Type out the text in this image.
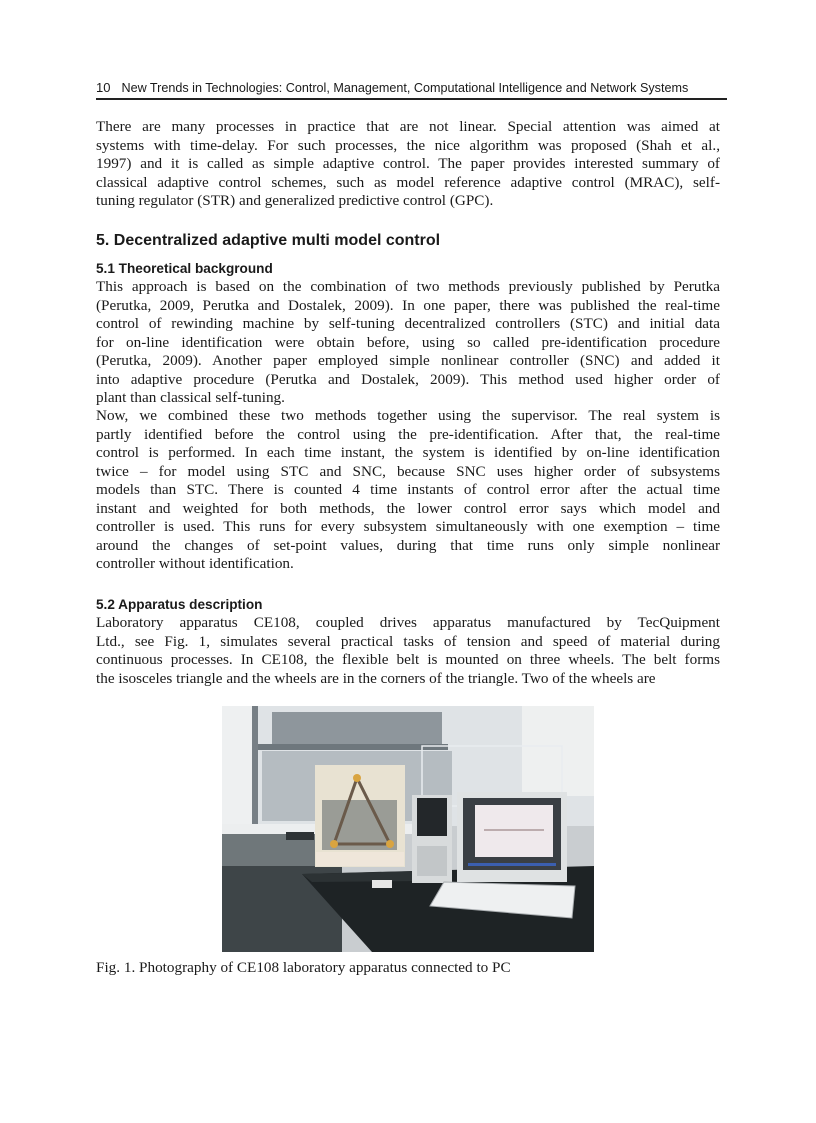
10 New Trends in Technologies: Control, Management, Computational Intelligence and Network Systems
There are many processes in practice that are not linear. Special attention was aimed at
systems with time-delay. For such processes, the nice algorithm was proposed (Shah et al.,
1997) and it is called as simple adaptive control. The paper provides interested summary of
classical adaptive control schemes, such as model reference adaptive control (MRAC), self-
tuning regulator (STR) and generalized predictive control (GPC).
5. Decentralized adaptive multi model control
5.1 Theoretical background
This approach is based on the combination of two methods previously published by Perutka
(Perutka, 2009, Perutka and Dostalek, 2009). In one paper, there was published the real-time
control of rewinding machine by self-tuning decentralized controllers (STC) and initial data
for on-line identification were obtain before, using so called pre-identification procedure
(Perutka, 2009). Another paper employed simple nonlinear controller (SNC) and added it
into adaptive procedure (Perutka and Dostalek, 2009). This method used higher order of
plant than classical self-tuning.
Now, we combined these two methods together using the supervisor. The real system is
partly identified before the control using the pre-identification. After that, the real-time
control is performed. In each time instant, the system is identified by on-line identification
twice – for model using STC and SNC, because SNC uses higher order of subsystems
models than STC. There is counted 4 time instants of control error after the actual time
instant and weighted for both methods, the lower control error says which model and
controller is used. This runs for every subsystem simultaneously with one exemption – time
around the changes of set-point values, during that time runs only simple nonlinear
controller without identification.
5.2 Apparatus description
Laboratory apparatus CE108, coupled drives apparatus manufactured by TecQuipment
Ltd., see Fig. 1, simulates several practical tasks of tension and speed of material during
continuous processes. In CE108, the flexible belt is mounted on three wheels. The belt forms
the isosceles triangle and the wheels are in the corners of the triangle. Two of the wheels are
Fig. 1. Photography of CE108 laboratory apparatus connected to PC
